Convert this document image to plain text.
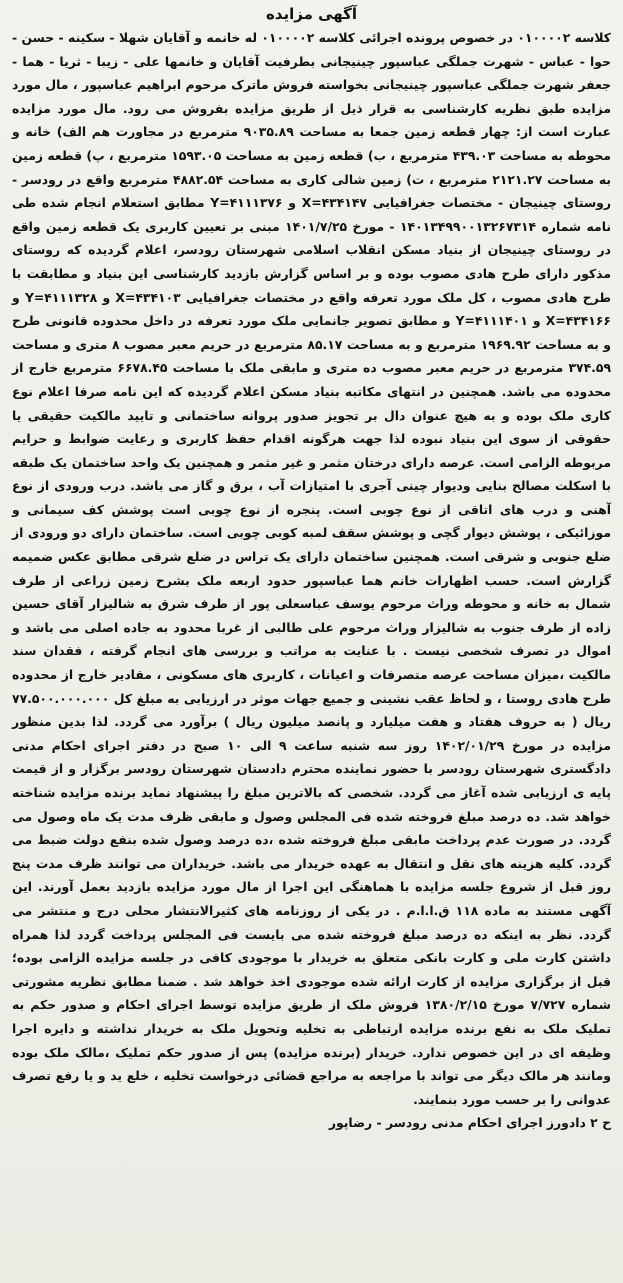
آگهی مزایده

کلاسه ۰۱۰۰۰۰۲ در خصوص پرونده اجرائی کلاسه ۰۱۰۰۰۰۲ له خانمه و آقایان شهلا - سکینه - حسن - حوا - عباس - شهرت جملگی عباسپور چینیجانی بطرفیت آقایان و خانمها علی - زیبا - ثریا - هما - جعفر شهرت جملگی عباسپور چینیجانی بخواسته فروش ماترک مرحوم ابراهیم عباسپور ، مال مورد مزایده طبق نظریه کارشناسی به قرار ذیل از طریق مزایده بفروش می رود. مال مورد مزایده عبارت است از: چهار قطعه زمین جمعا به مساحت ۹۰۳۵.۸۹ مترمربع در مجاورت هم الف) خانه و محوطه به مساحت ۴۳۹.۰۳ مترمربع ، ب) قطعه زمین به مساحت ۱۵۹۳.۰۵ مترمربع ، پ) قطعه زمین به مساحت ۲۱۲۱.۲۷ مترمربع ، ت) زمین شالی کاری به مساحت ۴۸۸۲.۵۴ مترمربع واقع در رودسر - روستای چینیجان - مختصات جغرافیایی X=۴۳۴۱۴۷ و Y=۴۱۱۱۳۷۶ مطابق استعلام انجام شده طی نامه شماره ۱۴۰۱۳۴۹۹۰۰۱۳۲۶۷۳۱۴ - مورخ ۱۴۰۱/۷/۲۵ مبنی بر تعیین کاربری یک قطعه زمین واقع در روستای چینیجان از بنیاد مسکن انقلاب اسلامی شهرستان رودسر، اعلام گردیده که روستای مذکور دارای طرح هادی مصوب بوده و بر اساس گزارش بازدید کارشناسی این بنیاد و مطابقت با طرح هادی مصوب ، کل ملک مورد تعرفه واقع در مختصات جغرافیایی X=۴۳۴۱۰۳ و Y=۴۱۱۱۳۲۸ و X=۴۳۴۱۶۶ و Y=۴۱۱۱۴۰۱ و مطابق تصویر جانمایی ملک مورد تعرفه در داخل محدوده قانونی طرح و به مساحت ۱۹۶۹.۹۲ مترمربع و به مساحت ۸۵.۱۷ مترمربع در حریم معبر مصوب ۸ متری و مساحت ۳۷۴.۵۹ مترمربع در حریم معبر مصوب ده متری و مابقی ملک با مساحت ۶۶۷۸.۴۵ مترمربع خارج از محدوده می باشد. همچنین در انتهای مکاتبه بنیاد مسکن اعلام گردیده که این نامه صرفا اعلام نوع کاری ملک بوده و به هیچ عنوان دال بر تجویز صدور پروانه ساختمانی و تایید مالکیت حقیقی یا حقوقی از سوی این بنیاد نبوده لذا جهت هرگونه اقدام حفظ کاربری و رعایت ضوابط و حرایم مربوطه الزامی است. عرصه دارای درختان مثمر و غیر مثمر و همچنین یک واحد ساختمان یک طبقه با اسکلت مصالح بنایی ودیوار چینی آجری با امتیازات آب ، برق و گاز می باشد. درب ورودی از نوع آهنی و درب های اتاقی از نوع چوبی است. پنجره از نوع چوبی است پوشش کف سیمانی و موزائیکی ، پوشش دیوار گچی و پوشش سقف لمبه کوبی چوبی است. ساختمان دارای دو ورودی از ضلع جنوبی و شرقی است. همچنین ساختمان دارای یک تراس در ضلع شرقی مطابق عکس ضمیمه گزارش است. حسب اظهارات خانم هما عباسپور حدود اربعه ملک بشرح زمین زراعی از طرف شمال به خانه و محوطه وراث مرحوم یوسف عباسعلی پور از طرف شرق به شالیزار آقای حسین زاده از طرف جنوب به شالیزار وراث مرحوم علی طالبی از غربا محدود به جاده اصلی می باشد و اموال در تصرف شخصی نیست . با عنایت به مراتب و بررسی های انجام گرفته ، فقدان سند مالکیت ،میزان مساحت عرصه متصرفات و اعیانات ، کاربری های مسکونی ، مقادیر خارج از محدوده طرح هادی روستا ، و لحاظ عقب نشینی و جمیع جهات موثر در ارزیابی به مبلغ کل ۷۷.۵۰۰.۰۰۰.۰۰۰ ریال ( به حروف هفتاد و هفت میلیارد و پانصد میلیون ریال ) برآورد می گردد. لذا بدین منظور مزایده در مورخ ۱۴۰۲/۰۱/۲۹ روز سه شنبه ساعت ۹ الی ۱۰ صبح در دفتر اجرای احکام مدنی دادگستری شهرستان رودسر با حضور نماینده محترم دادستان شهرستان رودسر برگزار و از قیمت پایه ی ارزیابی شده آغاز می گردد. شخصی که بالاترین مبلغ را پیشنهاد نماید برنده مزایده شناخته خواهد شد. ده درصد مبلغ فروخته شده فی المجلس وصول و مابقی ظرف مدت یک ماه وصول می گردد. در صورت عدم پرداخت مابقی مبلغ فروخته شده ،ده درصد وصول شده بنفع دولت ضبط می گردد. کلیه هزینه های نقل و انتقال به عهده خریدار می باشد. خریداران می توانند ظرف مدت پنج روز قبل از شروع جلسه مزایده با هماهنگی این اجرا از مال مورد مزایده بازدید بعمل آورند. این آگهی مستند به ماده ۱۱۸ ق.ا.ا.م . در یکی از روزنامه های کثیرالانتشار محلی درج و منتشر می گردد. نظر به اینکه ده درصد مبلغ فروخته شده می بایست فی المجلس پرداخت گردد لذا همراه داشتن کارت ملی و کارت بانکی متعلق به خریدار با موجودی کافی در جلسه مزایده الزامی بوده؛ قبل از برگزاری مزایده از کارت ارائه شده موجودی اخذ خواهد شد . ضمنا مطابق نظریه مشورتی شماره ۷/۷۲۷ مورخ ۱۳۸۰/۲/۱۵ فروش ملک از طریق مزایده توسط اجرای احکام و صدور حکم به تملیک ملک به نفع برنده مزایده ارتباطی به تخلیه وتحویل ملک به خریدار نداشته و دایره اجرا وظیفه ای در این خصوص ندارد. خریدار (برنده مزایده) پس از صدور حکم تملیک ،مالک ملک بوده ومانند هر مالک دیگر می تواند با مراجعه به مراجع قضائی درخواست تخلیه ، خلع ید و یا رفع تصرف عدوانی را بر حسب مورد بنمایند.

ح ۲ دادورز اجرای احکام مدنی رودسر - رضاپور
